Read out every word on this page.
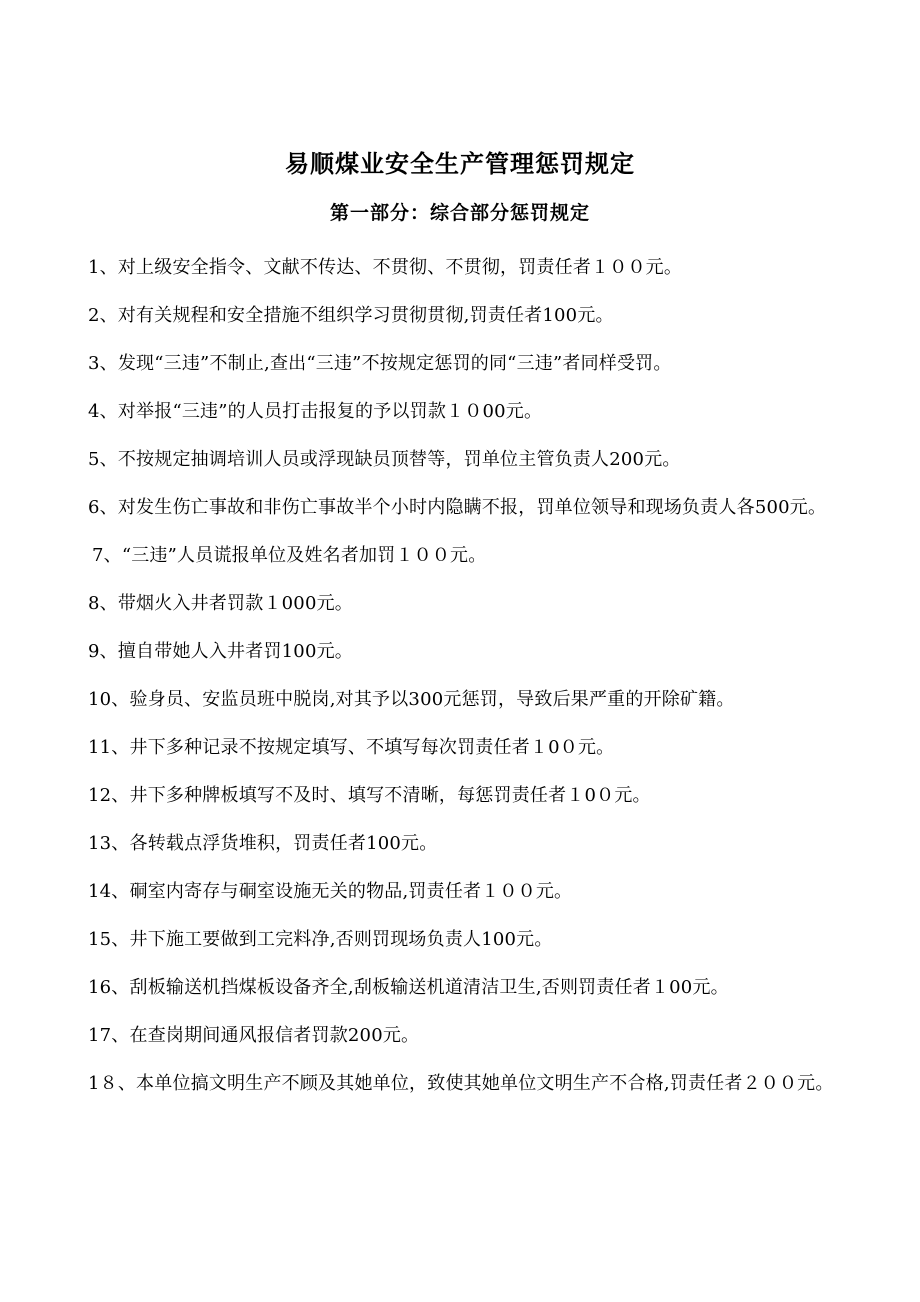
易顺煤业安全生产管理惩罚规定
第一部分：综合部分惩罚规定
1、对上级安全指令、文献不传达、不贯彻、不贯彻，罚责任者１００元。
2、对有关规程和安全措施不组织学习贯彻贯彻,罚责任者100元。
3、发现“三违”不制止,查出“三违”不按规定惩罚的同“三违”者同样受罚。
4、对举报“三违”的人员打击报复的予以罚款１０00元。
5、不按规定抽调培训人员或浮现缺员顶替等，罚单位主管负责人200元。
6、对发生伤亡事故和非伤亡事故半个小时内隐瞒不报，罚单位领导和现场负责人各500元。
7、“三违”人员谎报单位及姓名者加罚１００元。
8、带烟火入井者罚款１000元。
9、擅自带她人入井者罚100元。
10、验身员、安监员班中脱岗,对其予以300元惩罚，导致后果严重的开除矿籍。
11、井下多种记录不按规定填写、不填写每次罚责任者１0０元。
12、井下多种牌板填写不及时、填写不清晰，每惩罚责任者１0０元。
13、各转载点浮货堆积，罚责任者100元。
14、硐室内寄存与硐室设施无关的物品,罚责任者１００元。
15、井下施工要做到工完料净,否则罚现场负责人100元。
16、刮板输送机挡煤板设备齐全,刮板输送机道清洁卫生,否则罚责任者１00元。
17、在查岗期间通风报信者罚款200元。
1８、本单位搞文明生产不顾及其她单位，致使其她单位文明生产不合格,罚责任者２００元。
